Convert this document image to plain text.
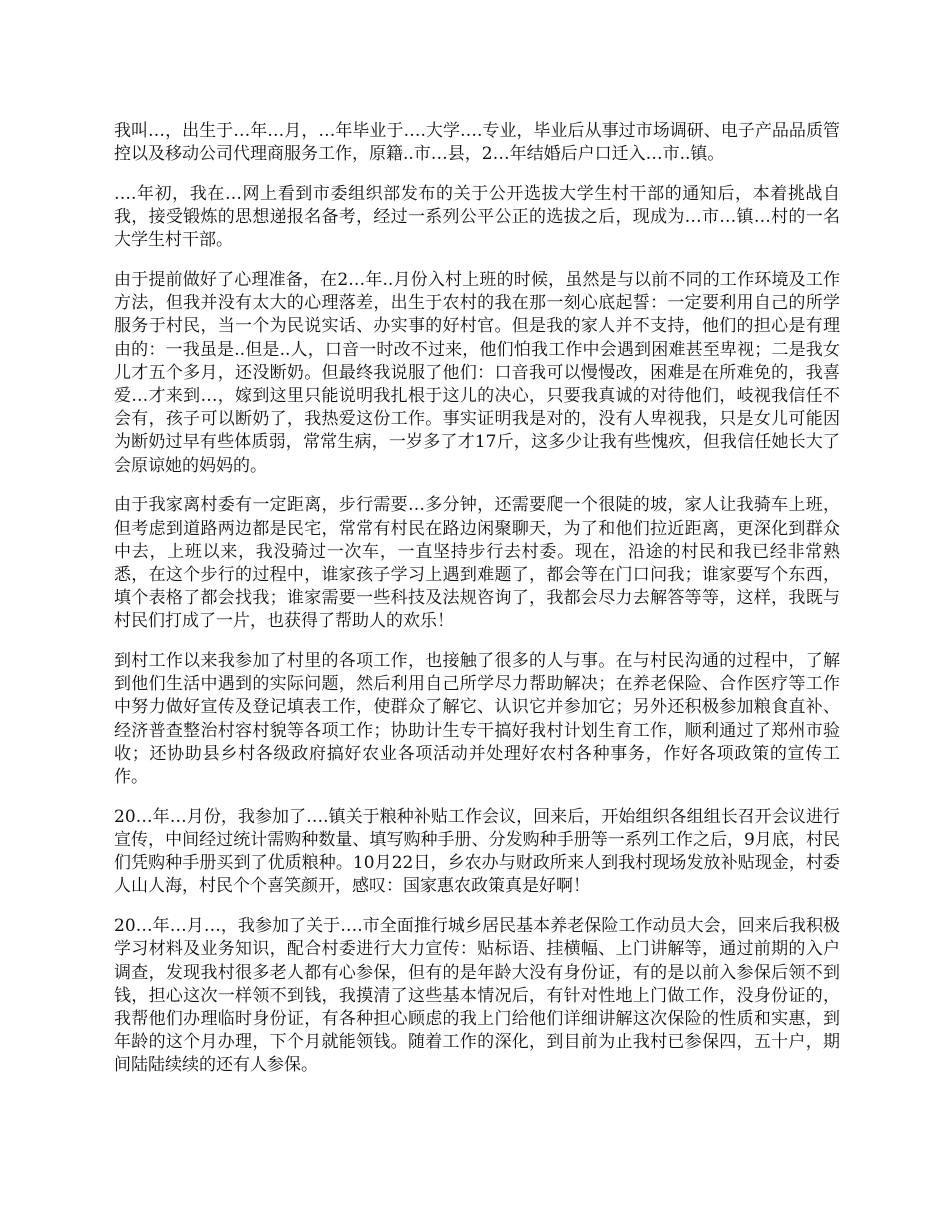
我叫…，出生于…年…月，…年毕业于….大学….专业，毕业后从事过市场调研、电子产品品质管控以及移动公司代理商服务工作，原籍..市…县，2…年结婚后户口迁入…市..镇。

….年初，我在…网上看到市委组织部发布的关于公开选拔大学生村干部的通知后，本着挑战自我，接受锻炼的思想递报名备考，经过一系列公平公正的选拔之后，现成为…市…镇…村的一名大学生村干部。

由于提前做好了心理准备，在2…年..月份入村上班的时候，虽然是与以前不同的工作环境及工作方法，但我并没有太大的心理落差，出生于农村的我在那一刻心底起誓：一定要利用自己的所学服务于村民，当一个为民说实话、办实事的好村官。但是我的家人并不支持，他们的担心是有理由的：一我虽是..但是..人，口音一时改不过来，他们怕我工作中会遇到困难甚至卑视；二是我女儿才五个多月，还没断奶。但最终我说服了他们：口音我可以慢慢改，困难是在所难免的，我喜爱…才来到…，嫁到这里只能说明我扎根于这儿的决心，只要我真诚的对待他们，岐视我信任不会有，孩子可以断奶了，我热爱这份工作。事实证明我是对的，没有人卑视我，只是女儿可能因为断奶过早有些体质弱，常常生病，一岁多了才17斤，这多少让我有些愧疚，但我信任她长大了会原谅她的妈妈的。

由于我家离村委有一定距离，步行需要…多分钟，还需要爬一个很陡的坡，家人让我骑车上班，但考虑到道路两边都是民宅，常常有村民在路边闲聚聊天，为了和他们拉近距离，更深化到群众中去，上班以来，我没骑过一次车，一直坚持步行去村委。现在，沿途的村民和我已经非常熟悉，在这个步行的过程中，谁家孩子学习上遇到难题了，都会等在门口问我；谁家要写个东西，填个表格了都会找我；谁家需要一些科技及法规咨询了，我都会尽力去解答等等，这样，我既与村民们打成了一片，也获得了帮助人的欢乐！

到村工作以来我参加了村里的各项工作，也接触了很多的人与事。在与村民沟通的过程中，了解到他们生活中遇到的实际问题，然后利用自己所学尽力帮助解决；在养老保险、合作医疗等工作中努力做好宣传及登记填表工作，使群众了解它、认识它并参加它；另外还积极参加粮食直补、经济普查整治村容村貌等各项工作；协助计生专干搞好我村计划生育工作，顺利通过了郑州市验收；还协助县乡村各级政府搞好农业各项活动并处理好农村各种事务，作好各项政策的宣传工作。

20…年…月份，我参加了….镇关于粮种补贴工作会议，回来后，开始组织各组组长召开会议进行宣传，中间经过统计需购种数量、填写购种手册、分发购种手册等一系列工作之后，9月底，村民们凭购种手册买到了优质粮种。10月22日，乡农办与财政所来人到我村现场发放补贴现金，村委人山人海，村民个个喜笑颜开，感叹：国家惠农政策真是好啊！

20…年…月…，我参加了关于….市全面推行城乡居民基本养老保险工作动员大会，回来后我积极学习材料及业务知识，配合村委进行大力宣传：贴标语、挂横幅、上门讲解等，通过前期的入户调查，发现我村很多老人都有心参保，但有的是年龄大没有身份证，有的是以前入参保后领不到钱，担心这次一样领不到钱，我摸清了这些基本情况后，有针对性地上门做工作，没身份证的，我帮他们办理临时身份证，有各种担心顾虑的我上门给他们详细讲解这次保险的性质和实惠，到年龄的这个月办理，下个月就能领钱。随着工作的深化，到目前为止我村已参保四，五十户，期间陆陆续续的还有人参保。
